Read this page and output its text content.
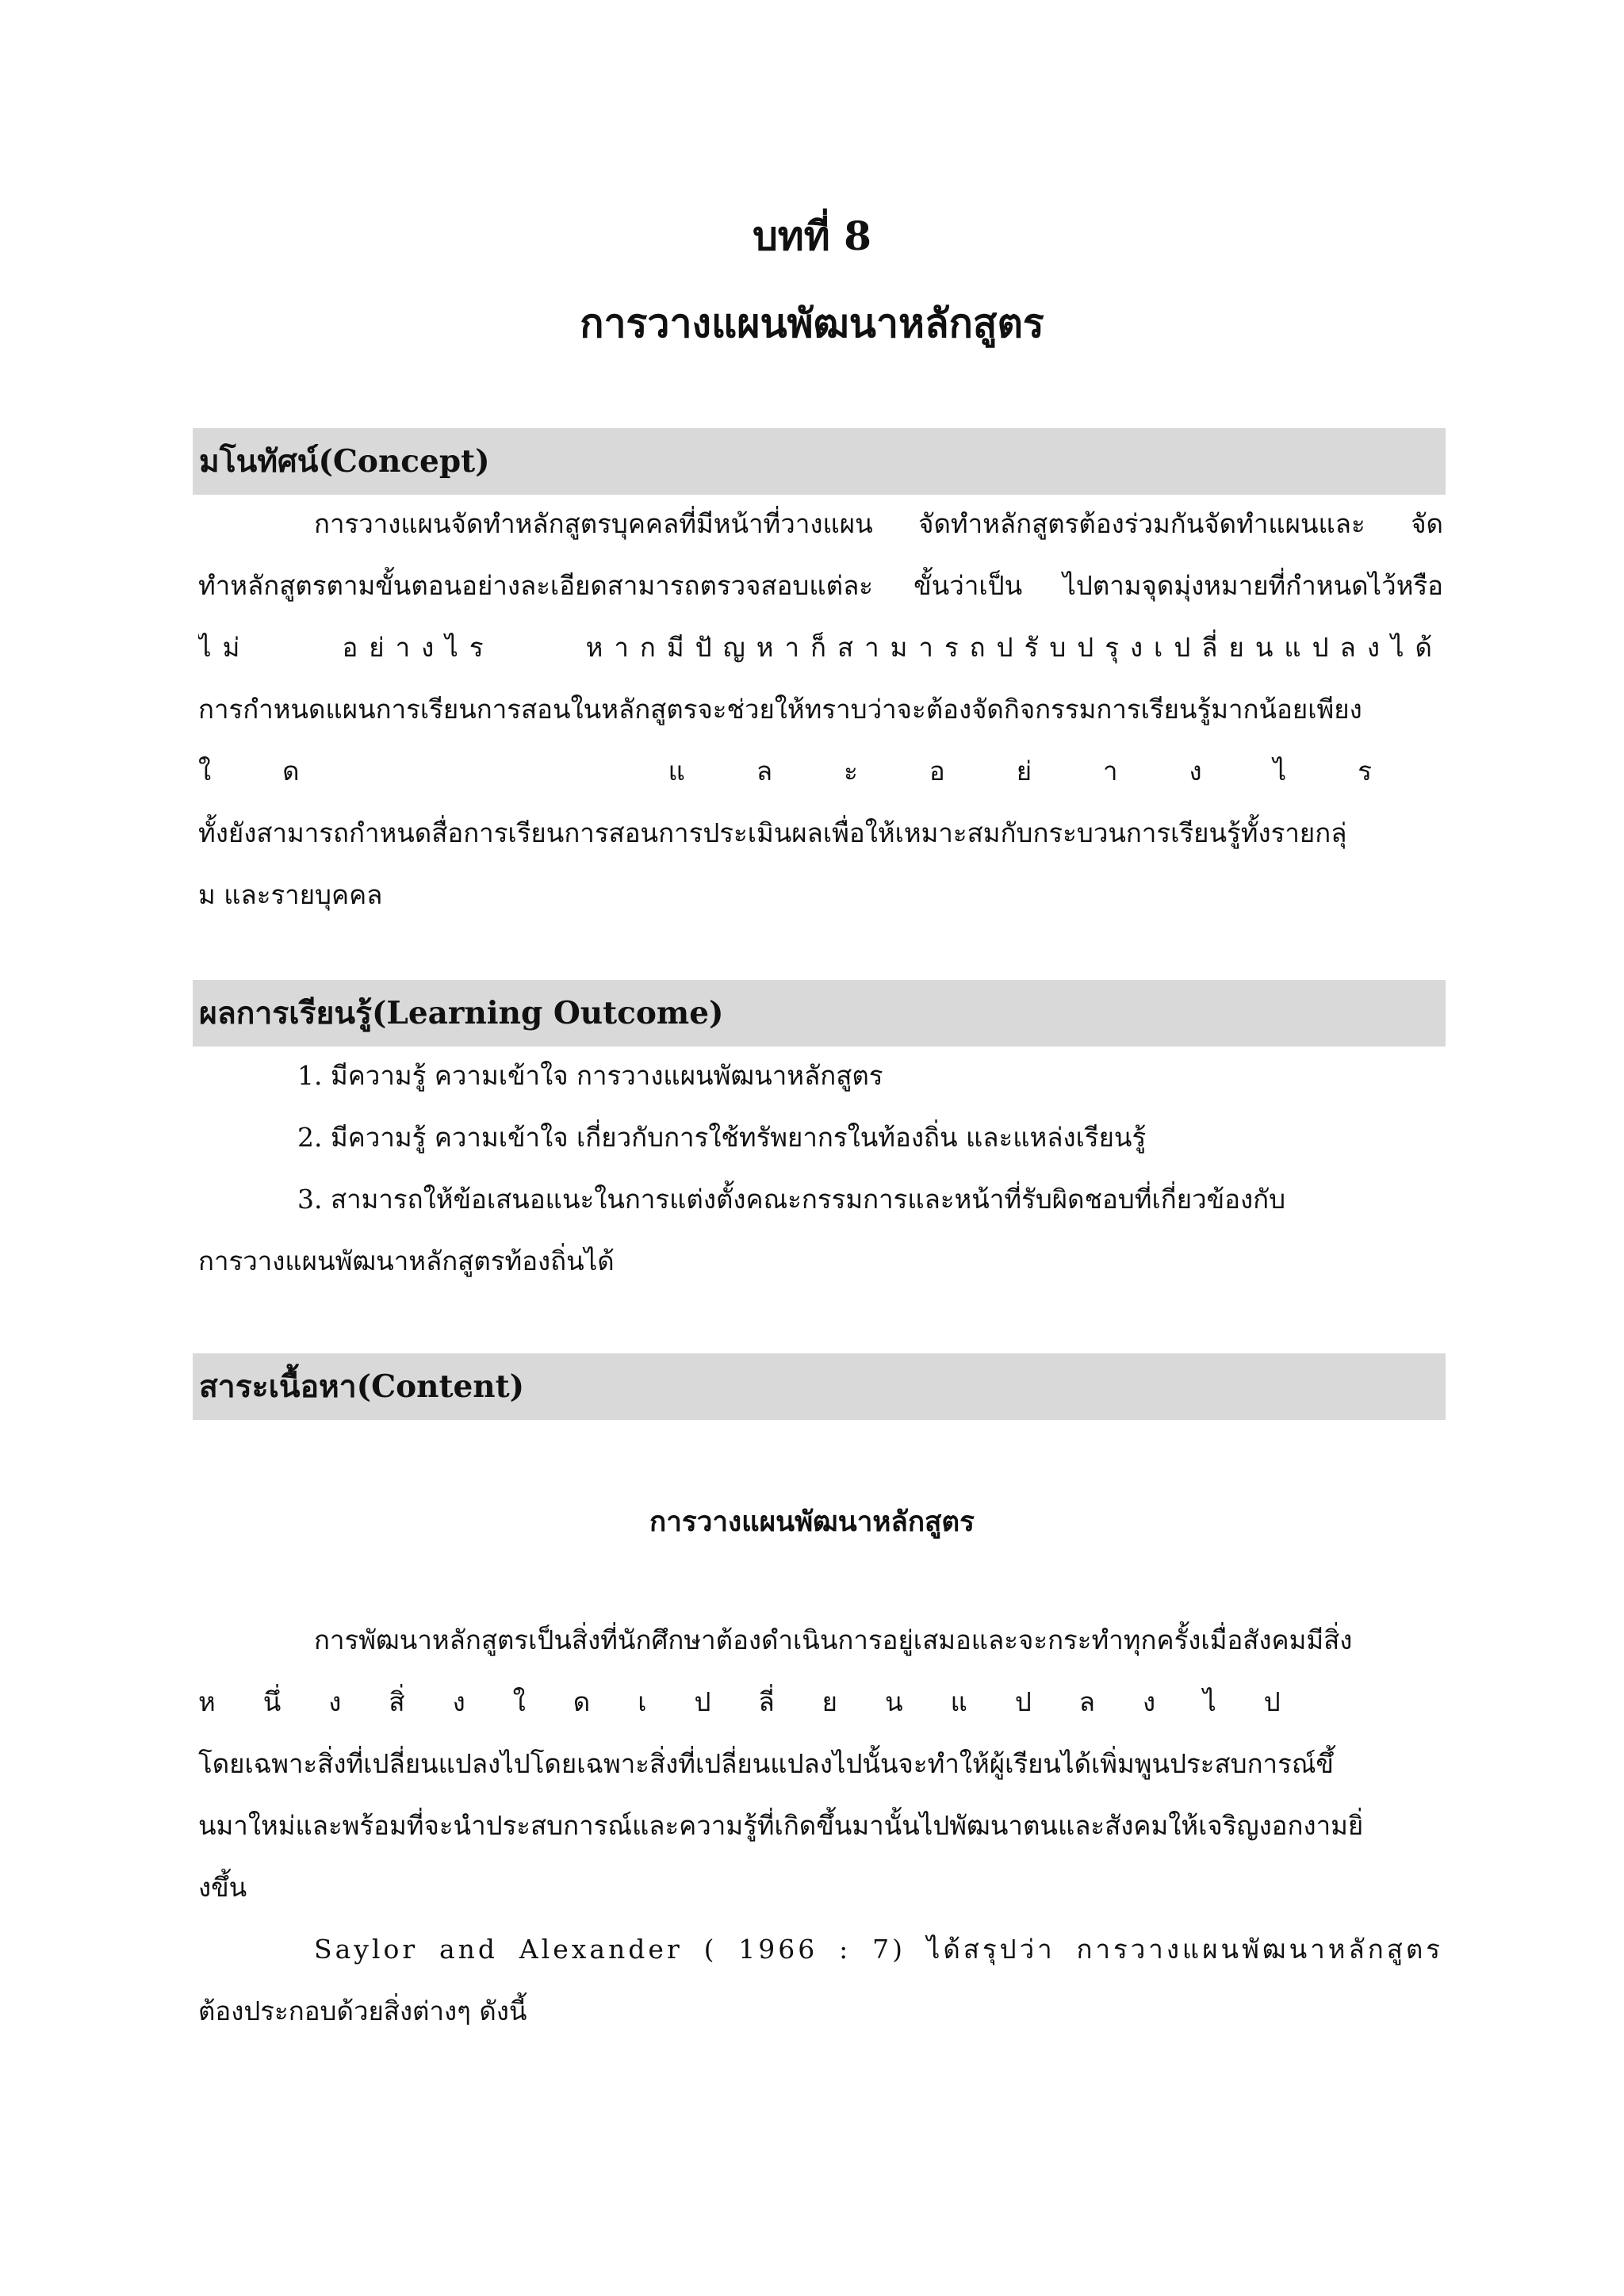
บทที่ 8
การวางแผนพัฒนาหลักสูตร
มโนทัศน์(Concept)
การวางแผนจัดทำหลักสูตรบุคคลที่มีหน้าที่วางแผน จัดทำหลักสูตรต้องร่วมกันจัดทำแผนและ จัด
ทำหลักสูตรตามขั้นตอนอย่างละเอียดสามารถตรวจสอบแต่ละ ขั้นว่าเป็น ไปตามจุดมุ่งหมายที่กำหนดไว้หรือ
ไม่ อย่างไร หากมีปัญหาก็สามารถปรับปรุงเปลี่ยนแปลงได้
การกำหนดแผนการเรียนการสอนในหลักสูตรจะช่วยให้ทราบว่าจะต้องจัดกิจกรรมการเรียนรู้มากน้อยเพียง
ใด และอย่างไร
ทั้งยังสามารถกำหนดสื่อการเรียนการสอนการประเมินผลเพื่อให้เหมาะสมกับกระบวนการเรียนรู้ทั้งรายกลุ่
ม และรายบุคคล
ผลการเรียนรู้(Learning Outcome)
1. มีความรู้ ความเข้าใจ การวางแผนพัฒนาหลักสูตร
2. มีความรู้ ความเข้าใจ เกี่ยวกับการใช้ทรัพยากรในท้องถิ่น และแหล่งเรียนรู้
3. สามารถให้ข้อเสนอแนะในการแต่งตั้งคณะกรรมการและหน้าที่รับผิดชอบที่เกี่ยวข้องกับ
การวางแผนพัฒนาหลักสูตรท้องถิ่นได้
สาระเนื้อหา(Content)
การวางแผนพัฒนาหลักสูตร
การพัฒนาหลักสูตรเป็นสิ่งที่นักศึกษาต้องดำเนินการอยู่เสมอและจะกระทำทุกครั้งเมื่อสังคมมีสิ่ง
หนึ่งสิ่งใดเปลี่ยนแปลงไป
โดยเฉพาะสิ่งที่เปลี่ยนแปลงไปโดยเฉพาะสิ่งที่เปลี่ยนแปลงไปนั้นจะทำให้ผู้เรียนได้เพิ่มพูนประสบการณ์ขึ้
นมาใหม่และพร้อมที่จะนำประสบการณ์และความรู้ที่เกิดขึ้นมานั้นไปพัฒนาตนและสังคมให้เจริญงอกงามยิ่
งขึ้น
Saylor and Alexander ( 1966 : 7) ได้สรุปว่า การวางแผนพัฒนาหลักสูตร
ต้องประกอบด้วยสิ่งต่างๆ ดังนี้
